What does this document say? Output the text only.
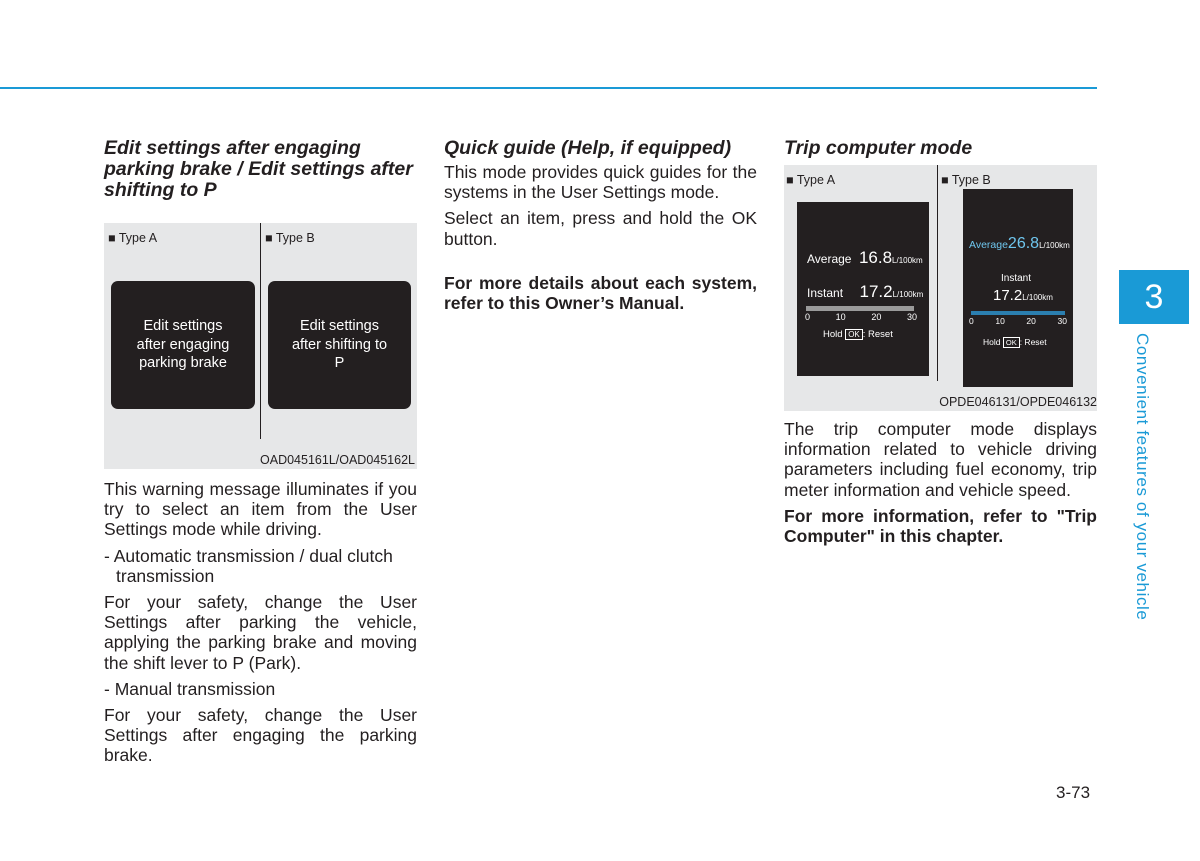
3
Convenient features of your vehicle
Edit settings after engaging parking brake / Edit settings after shifting to P
■ Type A	■ Type B
Edit settings after engaging parking brake
Edit settings after shifting to P
OAD045161L/OAD045162L

This warning message illuminates if you try to select an item from the User Settings mode while driving.

- Automatic transmission / dual clutch transmission

For your safety, change the User Settings after parking the vehicle, applying the parking brake and moving the shift lever to P (Park).

- Manual transmission

For your safety, change the User Settings after engaging the parking brake.

Quick guide (Help, if equipped)

This mode provides quick guides for the systems in the User Settings mode.

Select an item, press and hold the OK button.

For more details about each system, refer to this Owner’s Manual.

Trip computer mode
■ Type A	■ Type B
Average 16.8L/100km
Instant 17.2L/100km
0	10	20	30
Hold OK : Reset
Average26.8L/100km
Instant
17.2L/100km
0	10	20	30
Hold OK : Reset
OPDE046131/OPDE046132

The trip computer mode displays information related to vehicle driving parameters including fuel economy, trip meter information and vehicle speed.

For more information, refer to "Trip Computer" in this chapter.

3-73
